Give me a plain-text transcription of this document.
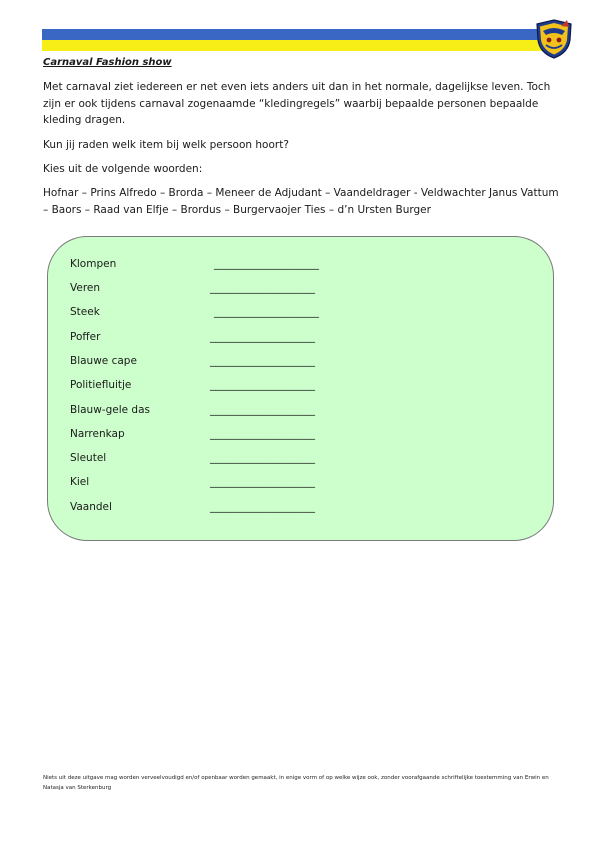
Carnaval Fashion show

Met carnaval ziet iedereen er net even iets anders uit dan in het normale, dagelijkse leven. Toch zijn er ook tijdens carnaval zogenaamde “kledingregels” waarbij bepaalde personen bepaalde kleding dragen.

Kun jij raden welk item bij welk persoon hoort?

Kies uit de volgende woorden:

Hofnar – Prins Alfredo – Brorda – Meneer de Adjudant – Vaandeldrager - Veldwachter Janus Vattum – Baors – Raad van Elfje – Brordus – Burgervaojer Ties – d’n Ursten Burger

Klompen	____________________
Veren	____________________
Steek	____________________
Poffer	____________________
Blauwe cape	____________________
Politiefluitje	____________________
Blauw-gele das	____________________
Narrenkap	____________________
Sleutel	____________________
Kiel	____________________
Vaandel	____________________

Niets uit deze uitgave mag worden verveelvoudigd en/of openbaar worden gemaakt, in enige vorm of op welke wijze ook, zonder voorafgaande schriftelijke toestemming van Erwin en Natasja van Sterkenburg
